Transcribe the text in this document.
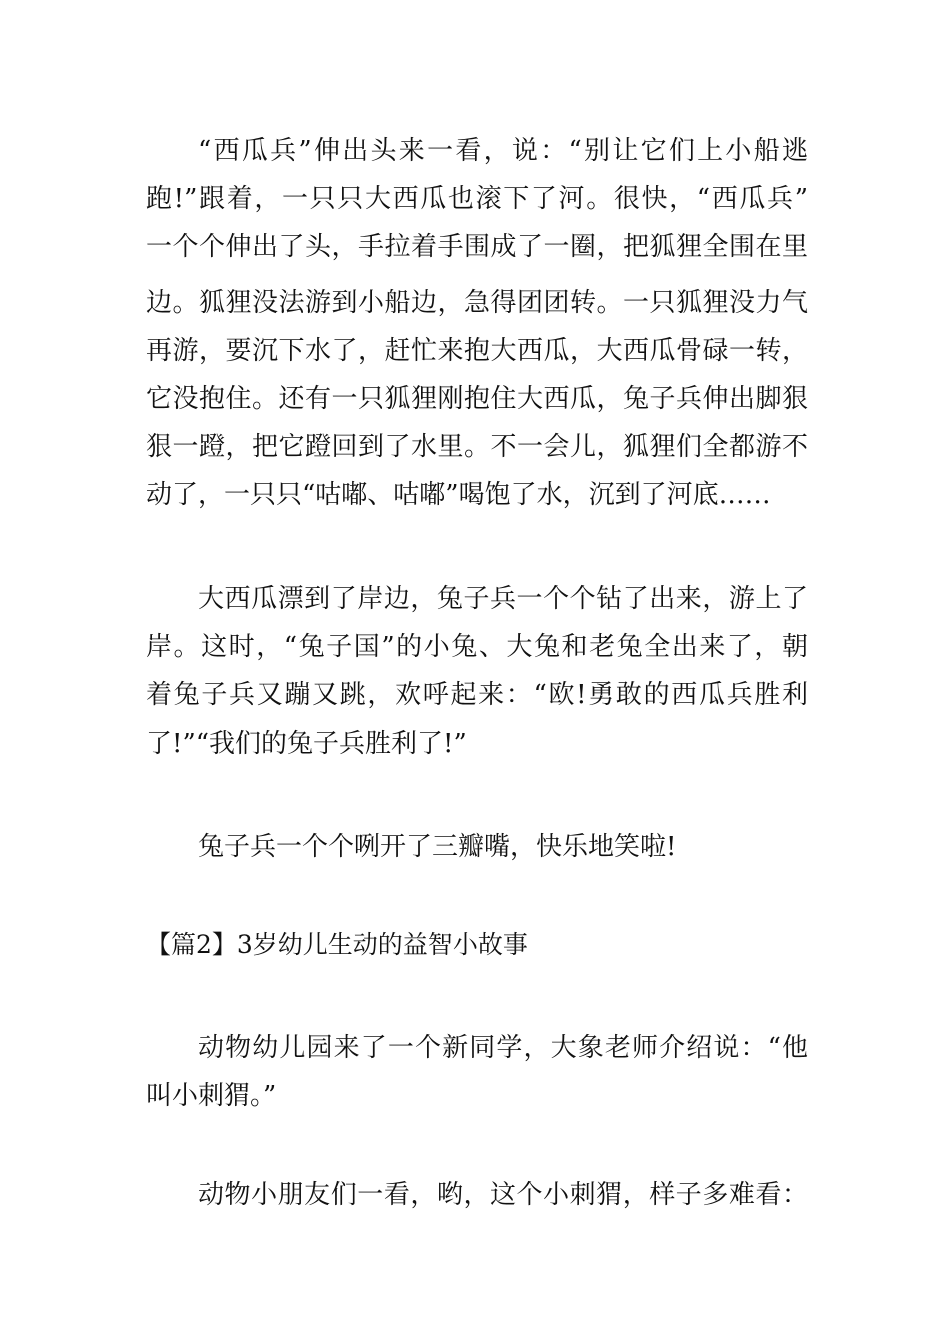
“西瓜兵”伸出头来一看，说：“别让它们上小船逃
跑!”跟着，一只只大西瓜也滚下了河。很快，“西瓜兵”
一个个伸出了头，手拉着手围成了一圈，把狐狸全围在里
边。狐狸没法游到小船边，急得团团转。一只狐狸没力气
再游，要沉下水了，赶忙来抱大西瓜，大西瓜骨碌一转，
它没抱住。还有一只狐狸刚抱住大西瓜，兔子兵伸出脚狠
狠一蹬，把它蹬回到了水里。不一会儿，狐狸们全都游不
动了，一只只“咕嘟、咕嘟”喝饱了水，沉到了河底……
大西瓜漂到了岸边，兔子兵一个个钻了出来，游上了
岸。这时，“兔子国”的小兔、大兔和老兔全出来了，朝
着兔子兵又蹦又跳，欢呼起来：“欧!勇敢的西瓜兵胜利
了!”“我们的兔子兵胜利了!”
兔子兵一个个咧开了三瓣嘴，快乐地笑啦!
【篇2】3岁幼儿生动的益智小故事
动物幼儿园来了一个新同学，大象老师介绍说：“他
叫小刺猬。”
动物小朋友们一看，哟，这个小刺猬，样子多难看：
